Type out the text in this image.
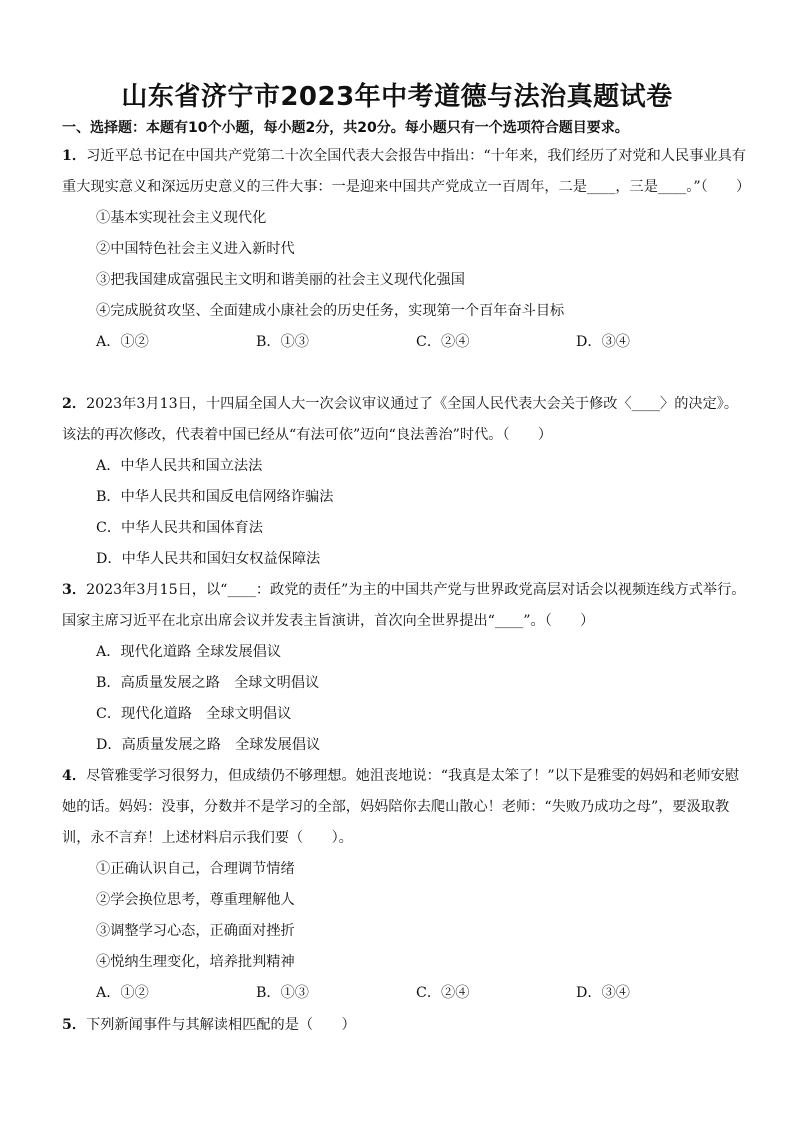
山东省济宁市2023年中考道德与法治真题试卷
一、选择题：本题有10个小题，每小题2分，共20分。每小题只有一个选项符合题目要求。
1．习近平总书记在中国共产党第二十次全国代表大会报告中指出：“十年来，我们经历了对党和人民事业具有重大现实意义和深远历史意义的三件大事：一是迎来中国共产党成立一百周年，二是____，三是____。”（　　）
①基本实现社会主义现代化
②中国特色社会主义进入新时代
③把我国建成富强民主文明和谐美丽的社会主义现代化强国
④完成脱贫攻坚、全面建成小康社会的历史任务，实现第一个百年奋斗目标
A．①②	B．①③	C．②④	D．③④
2．2023年3月13日，十四届全国人大一次会议审议通过了《全国人民代表大会关于修改〈____〉的决定》。该法的再次修改，代表着中国已经从“有法可依”迈向“良法善治”时代。（　　）
A．中华人民共和国立法法
B．中华人民共和国反电信网络诈骗法
C．中华人民共和国体育法
D．中华人民共和国妇女权益保障法
3．2023年3月15日，以“____：政党的责任”为主的中国共产党与世界政党高层对话会以视频连线方式举行。国家主席习近平在北京出席会议并发表主旨演讲，首次向全世界提出“____”。（　　）
A．现代化道路 全球发展倡议
B．高质量发展之路　全球文明倡议
C．现代化道路　全球文明倡议
D．高质量发展之路　全球发展倡议
4．尽管雅雯学习很努力，但成绩仍不够理想。她沮丧地说：“我真是太笨了！”以下是雅雯的妈妈和老师安慰她的话。妈妈：没事，分数并不是学习的全部，妈妈陪你去爬山散心！老师：“失败乃成功之母”，要汲取教训，永不言弃！上述材料启示我们要（　　）。
①正确认识自己，合理调节情绪
②学会换位思考，尊重理解他人
③调整学习心态，正确面对挫折
④悦纳生理变化，培养批判精神
A．①②	B．①③	C．②④	D．③④
5．下列新闻事件与其解读相匹配的是（　　）
